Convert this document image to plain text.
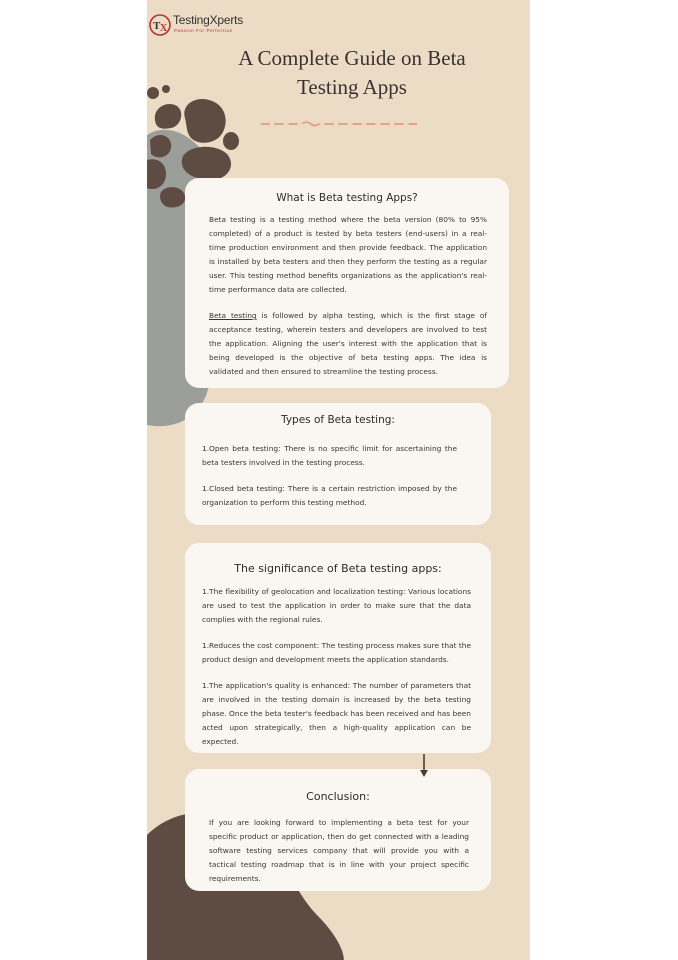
T X
TestingXperts
Passion For Perfection
A Complete Guide on Beta Testing Apps
What is Beta testing Apps?

Beta testing is a testing method where the beta version (80% to 95% completed) of a product is tested by beta testers (end-users) in a real-time production environment and then provide feedback. The application is installed by beta testers and then they perform the testing as a regular user. This testing method benefits organizations as the application's real-time performance data are collected.

Beta testing is followed by alpha testing, which is the first stage of acceptance testing, wherein testers and developers are involved to test the application. Aligning the user's interest with the application that is being developed is the objective of beta testing apps. The idea is validated and then ensured to streamline the testing process.

Types of Beta testing:

1.Open beta testing: There is no specific limit for ascertaining the beta testers involved in the testing process.

1.Closed beta testing: There is a certain restriction imposed by the organization to perform this testing method.

The significance of Beta testing apps:

1.The flexibility of geolocation and localization testing: Various locations are used to test the application in order to make sure that the data complies with the regional rules.

1.Reduces the cost component: The testing process makes sure that the product design and development meets the application standards.

1.The application's quality is enhanced: The number of parameters that are involved in the testing domain is increased by the beta testing phase. Once the beta tester's feedback has been received and has been acted upon strategically, then a high-quality application can be expected.

Conclusion:

If you are looking forward to implementing a beta test for your specific product or application, then do get connected with a leading software testing services company that will provide you with a tactical testing roadmap that is in line with your project specific requirements.
